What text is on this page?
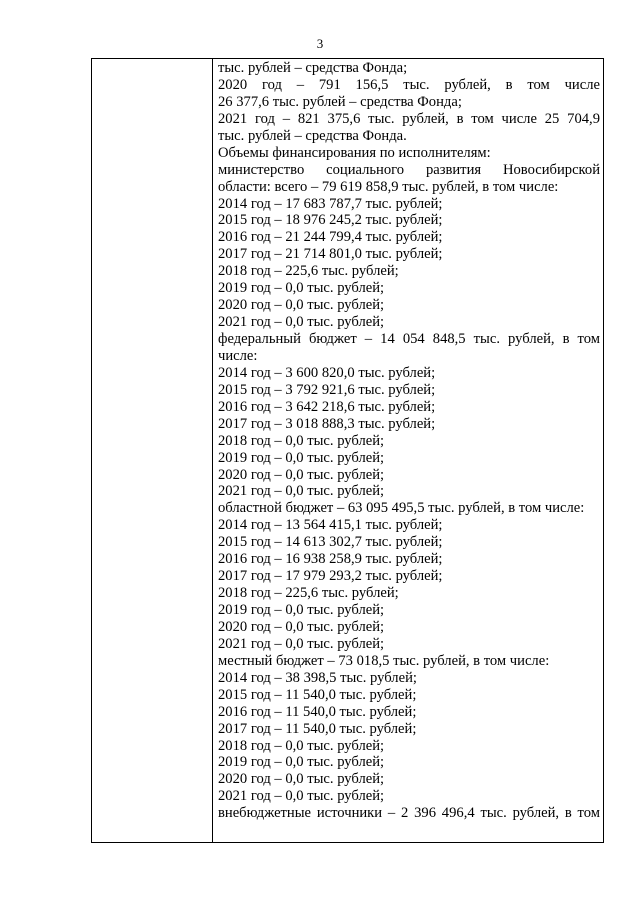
3
тыс. рублей – средства Фонда;
2020 год – 791 156,5 тыс. рублей, в том числе
26 377,6 тыс. рублей – средства Фонда;
2021 год – 821 375,6 тыс. рублей, в том числе 25 704,9
тыс. рублей – средства Фонда.
Объемы финансирования по исполнителям:
министерство социального развития Новосибирской
области: всего – 79 619 858,9 тыс. рублей, в том числе:
2014 год – 17 683 787,7 тыс. рублей;
2015 год – 18 976 245,2 тыс. рублей;
2016 год – 21 244 799,4 тыс. рублей;
2017 год – 21 714 801,0 тыс. рублей;
2018 год – 225,6 тыс. рублей;
2019 год – 0,0 тыс. рублей;
2020 год – 0,0 тыс. рублей;
2021 год – 0,0 тыс. рублей;
федеральный бюджет – 14 054 848,5 тыс. рублей, в том
числе:
2014 год – 3 600 820,0 тыс. рублей;
2015 год – 3 792 921,6 тыс. рублей;
2016 год – 3 642 218,6 тыс. рублей;
2017 год – 3 018 888,3 тыс. рублей;
2018 год – 0,0 тыс. рублей;
2019 год – 0,0 тыс. рублей;
2020 год – 0,0 тыс. рублей;
2021 год – 0,0 тыс. рублей;
областной бюджет – 63 095 495,5 тыс. рублей, в том числе:
2014 год – 13 564 415,1 тыс. рублей;
2015 год – 14 613 302,7 тыс. рублей;
2016 год – 16 938 258,9 тыс. рублей;
2017 год – 17 979 293,2 тыс. рублей;
2018 год – 225,6 тыс. рублей;
2019 год – 0,0 тыс. рублей;
2020 год – 0,0 тыс. рублей;
2021 год – 0,0 тыс. рублей;
местный бюджет – 73 018,5 тыс. рублей, в том числе:
2014 год – 38 398,5 тыс. рублей;
2015 год – 11 540,0 тыс. рублей;
2016 год – 11 540,0 тыс. рублей;
2017 год – 11 540,0 тыс. рублей;
2018 год – 0,0 тыс. рублей;
2019 год – 0,0 тыс. рублей;
2020 год – 0,0 тыс. рублей;
2021 год – 0,0 тыс. рублей;
внебюджетные источники – 2 396 496,4 тыс. рублей, в том
